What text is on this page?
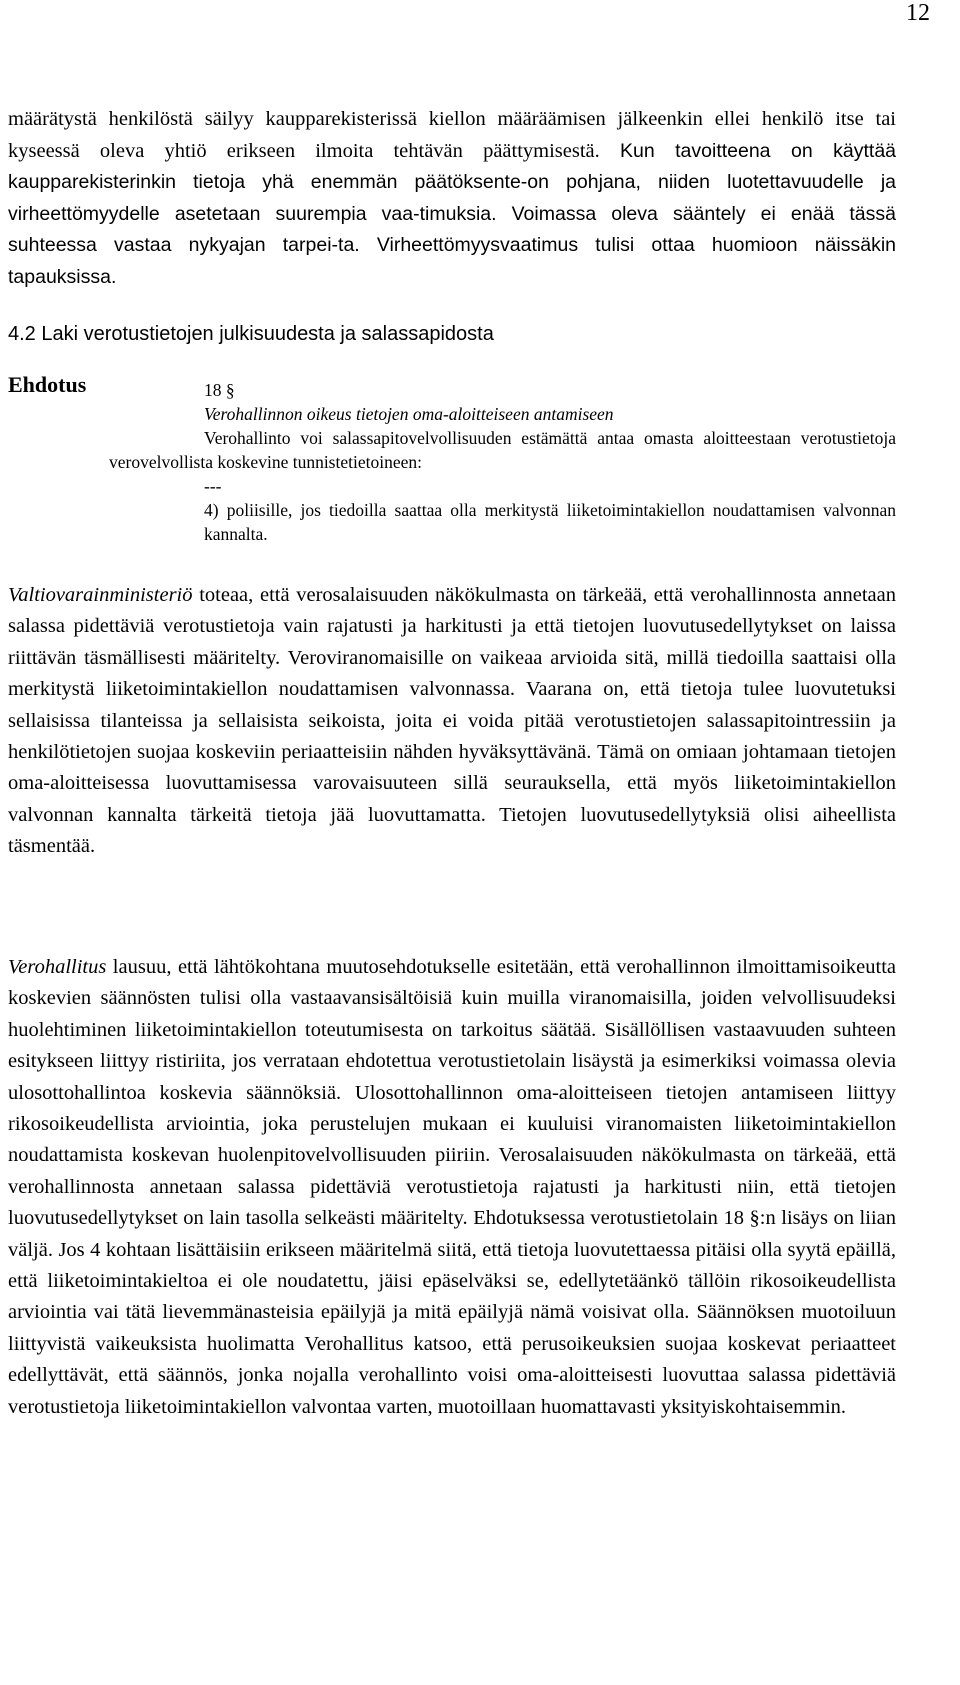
12
määrätystä henkilöstä säilyy kaupparekisterissä kiellon määräämisen jälkeenkin ellei henkilö itse tai kyseessä oleva yhtiö erikseen ilmoita tehtävän päättymisestä. Kun tavoitteena on käyttää kaupparekisterinkin tietoja yhä enemmän päätöksente-on pohjana, niiden luotettavuudelle ja virheettömyydelle asetetaan suurempia vaa-timuksia. Voimassa oleva sääntely ei enää tässä suhteessa vastaa nykyajan tarpei-ta. Virheettömyysvaatimus tulisi ottaa huomioon näissäkin tapauksissa.
4.2 Laki verotustietojen julkisuudesta ja salassapidosta
Ehdotus	18 §
Verohallinnon oikeus tietojen oma-aloitteiseen antamiseen
Verohallinto voi salassapitovelvollisuuden estämättä antaa omasta aloitteestaan verotustietoja verovelvollista koskevine tunnistetietoineen:
---
4) poliisille, jos tiedoilla saattaa olla merkitystä liiketoimintakiellon noudattamisen valvonnan kannalta.
Valtiovarainministeriö toteaa, että verosalaisuuden näkökulmasta on tärkeää, että verohallinnosta annetaan salassa pidettäviä verotustietoja vain rajatusti ja harkitusti ja että tietojen luovutusedellytykset on laissa riittävän täsmällisesti määritelty. Veroviranomaisille on vaikeaa arvioida sitä, millä tiedoilla saattaisi olla merkitystä liiketoimintakiellon noudattamisen valvonnassa. Vaarana on, että tietoja tulee luovutetuksi sellaisissa tilanteissa ja sellaisista seikoista, joita ei voida pitää verotustietojen salassapitointressiin ja henkilötietojen suojaa koskeviin periaatteisiin nähden hyväksyttävänä. Tämä on omiaan johtamaan tietojen oma-aloitteisessa luovuttamisessa varovaisuuteen sillä seurauksella, että myös liiketoimintakiellon valvonnan kannalta tärkeitä tietoja jää luovuttamatta. Tietojen luovutusedellytyksiä olisi aiheellista täsmentää.
Verohallitus lausuu, että lähtökohtana muutosehdotukselle esitetään, että verohallinnon ilmoittamisoikeutta koskevien säännösten tulisi olla vastaavansisältöisiä kuin muilla viranomaisilla, joiden velvollisuudeksi huolehtiminen liiketoimintakiellon toteutumisesta on tarkoitus säätää. Sisällöllisen vastaavuuden suhteen esitykseen liittyy ristiriita, jos verrataan ehdotettua verotustietolain lisäystä ja esimerkiksi voimassa olevia ulosottohallintoa koskevia säännöksiä. Ulosottohallinnon oma-aloitteiseen tietojen antamiseen liittyy rikosoikeudellista arviointia, joka perustelujen mukaan ei kuuluisi viranomaisten liiketoimintakiellon noudattamista koskevan huolenpitovelvollisuuden piiriin. Verosalaisuuden näkökulmasta on tärkeää, että verohallinnosta annetaan salassa pidettäviä verotustietoja rajatusti ja harkitusti niin, että tietojen luovutusedellytykset on lain tasolla selkeästi määritelty. Ehdotuksessa verotustietolain 18 §:n lisäys on liian väljä. Jos 4 kohtaan lisättäisiin erikseen määritelmä siitä, että tietoja luovutettaessa pitäisi olla syytä epäillä, että liiketoimintakieltoa ei ole noudatettu, jäisi epäselväksi se, edellytetäänkö tällöin rikosoikeudellista arviointia vai tätä lievemmänasteisia epäilyjä ja mitä epäilyjä nämä voisivat olla. Säännöksen muotoiluun liittyvistä vaikeuksista huolimatta Verohallitus katsoo, että perusoikeuksien suojaa koskevat periaatteet edellyttävät, että säännös, jonka nojalla verohallinto voisi oma-aloitteisesti luovuttaa salassa pidettäviä verotustietoja liiketoimintakiellon valvontaa varten, muotoillaan huomattavasti yksityiskohtaisemmin.
